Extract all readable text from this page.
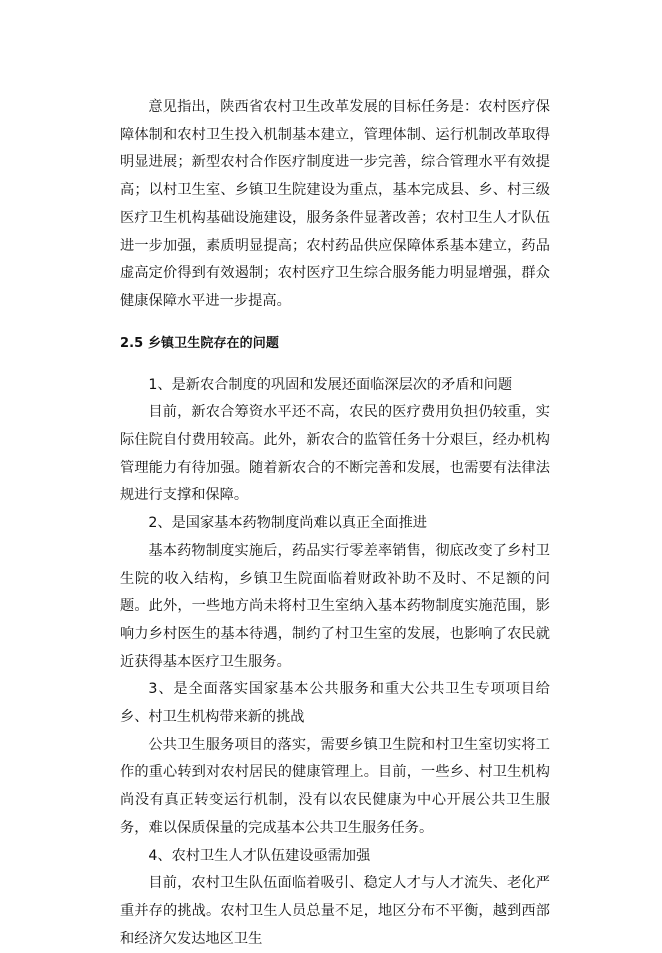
意见指出，陕西省农村卫生改革发展的目标任务是：农村医疗保障体制和农村卫生投入机制基本建立，管理体制、运行机制改革取得明显进展；新型农村合作医疗制度进一步完善，综合管理水平有效提高；以村卫生室、乡镇卫生院建设为重点，基本完成县、乡、村三级医疗卫生机构基础设施建设，服务条件显著改善；农村卫生人才队伍进一步加强，素质明显提高；农村药品供应保障体系基本建立，药品虚高定价得到有效遏制；农村医疗卫生综合服务能力明显增强，群众健康保障水平进一步提高。

2.5 乡镇卫生院存在的问题

1、是新农合制度的巩固和发展还面临深层次的矛盾和问题

目前，新农合筹资水平还不高，农民的医疗费用负担仍较重，实际住院自付费用较高。此外，新农合的监管任务十分艰巨，经办机构管理能力有待加强。随着新农合的不断完善和发展，也需要有法律法规进行支撑和保障。

2、是国家基本药物制度尚难以真正全面推进

基本药物制度实施后，药品实行零差率销售，彻底改变了乡村卫生院的收入结构，乡镇卫生院面临着财政补助不及时、不足额的问题。此外，一些地方尚未将村卫生室纳入基本药物制度实施范围，影响力乡村医生的基本待遇，制约了村卫生室的发展，也影响了农民就近获得基本医疗卫生服务。

3、是全面落实国家基本公共服务和重大公共卫生专项项目给乡、村卫生机构带来新的挑战

公共卫生服务项目的落实，需要乡镇卫生院和村卫生室切实将工作的重心转到对农村居民的健康管理上。目前，一些乡、村卫生机构尚没有真正转变运行机制，没有以农民健康为中心开展公共卫生服务，难以保质保量的完成基本公共卫生服务任务。

4、农村卫生人才队伍建设亟需加强

目前，农村卫生队伍面临着吸引、稳定人才与人才流失、老化严重并存的挑战。农村卫生人员总量不足，地区分布不平衡，越到西部和经济欠发达地区卫生
